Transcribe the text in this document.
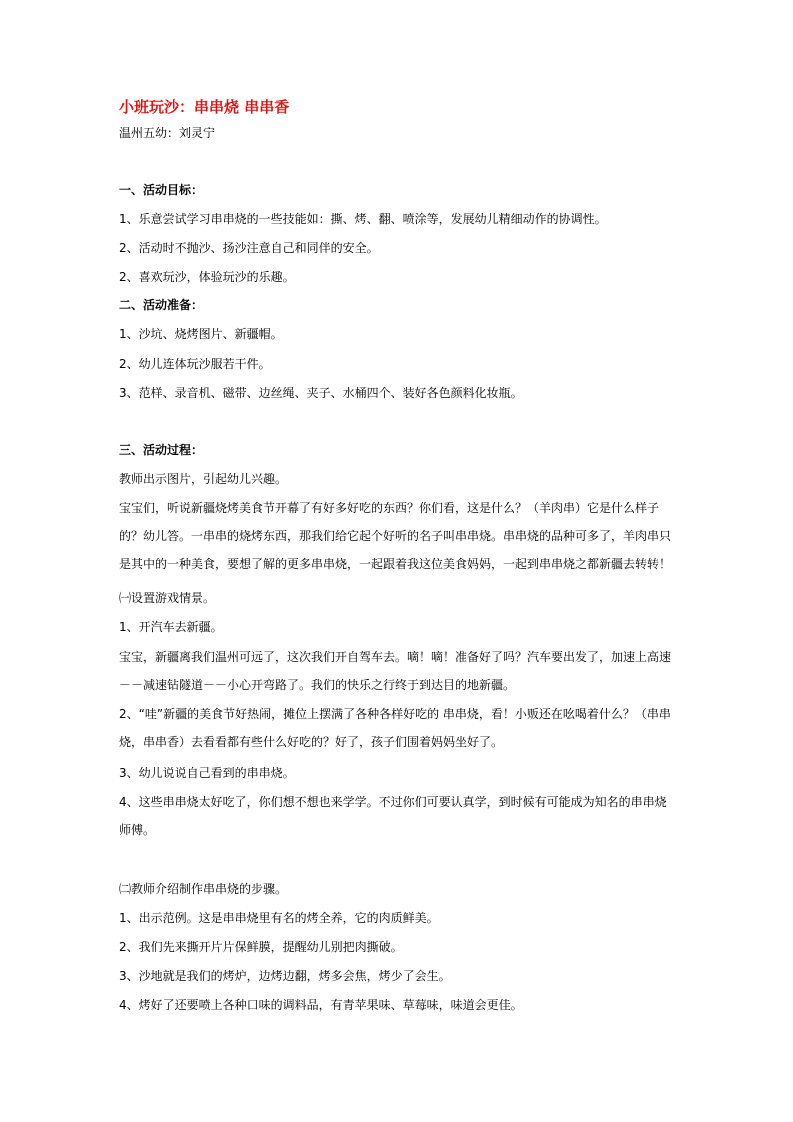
小班玩沙：串串烧 串串香
温州五幼：刘灵宁
一、活动目标：
1、乐意尝试学习串串烧的一些技能如：撕、烤、翻、喷涂等，发展幼儿精细动作的协调性。
2、活动时不抛沙、扬沙注意自己和同伴的安全。
2、喜欢玩沙，体验玩沙的乐趣。
二、活动准备：
1、沙坑、烧烤图片、新疆帽。
2、幼儿连体玩沙服若干件。
3、范样、录音机、磁带、边丝绳、夹子、水桶四个、装好各色颜料化妆瓶。
三、活动过程：
教师出示图片，引起幼儿兴趣。
宝宝们，听说新疆烧烤美食节开幕了有好多好吃的东西？你们看，这是什么？（羊肉串）它是什么样子的？幼儿答。一串串的烧烤东西，那我们给它起个好听的名子叫串串烧。串串烧的品种可多了，羊肉串只是其中的一种美食，要想了解的更多串串烧，一起跟着我这位美食妈妈，一起到串串烧之都新疆去转转！
㈠设置游戏情景。
1、开汽车去新疆。
宝宝，新疆离我们温州可远了，这次我们开自驾车去。嘀！嘀！准备好了吗？汽车要出发了，加速上高速－－减速钻隧道－－小心开弯路了。我们的快乐之行终于到达目的地新疆。
2、“哇”新疆的美食节好热闹，摊位上摆满了各种各样好吃的 串串烧，看！小贩还在吆喝着什么？（串串烧，串串香）去看看都有些什么好吃的？好了，孩子们围着妈妈坐好了。
3、幼儿说说自己看到的串串烧。
4、这些串串烧太好吃了，你们想不想也来学学。不过你们可要认真学，到时候有可能成为知名的串串烧师傅。
㈡教师介绍制作串串烧的步骤。
1、出示范例。这是串串烧里有名的烤全养，它的肉质鲜美。
2、我们先来撕开片片保鲜膜，提醒幼儿别把肉撕破。
3、沙地就是我们的烤炉，边烤边翻，烤多会焦，烤少了会生。
4、烤好了还要喷上各种口味的调料品，有青苹果味、草莓味，味道会更佳。
